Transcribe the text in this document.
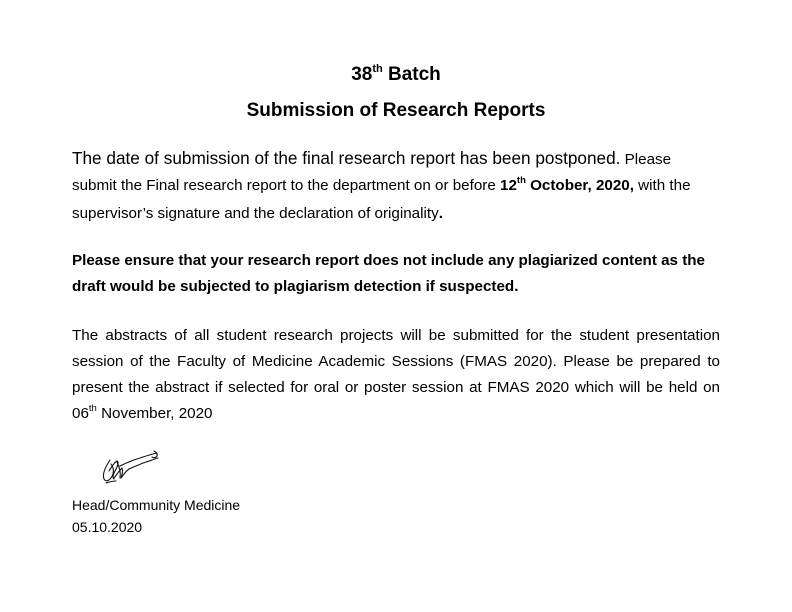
38th Batch
Submission of Research Reports

The date of submission of the final research report has been postponed. Please submit the Final research report to the department on or before 12th October, 2020, with the supervisor’s signature and the declaration of originality.

Please ensure that your research report does not include any plagiarized content as the draft would be subjected to plagiarism detection if suspected.

The abstracts of all student research projects will be submitted for the student presentation session of the Faculty of Medicine Academic Sessions (FMAS 2020). Please be prepared to present the abstract if selected for oral or poster session at FMAS 2020 which will be held on 06th November, 2020

Head/Community Medicine
05.10.2020
